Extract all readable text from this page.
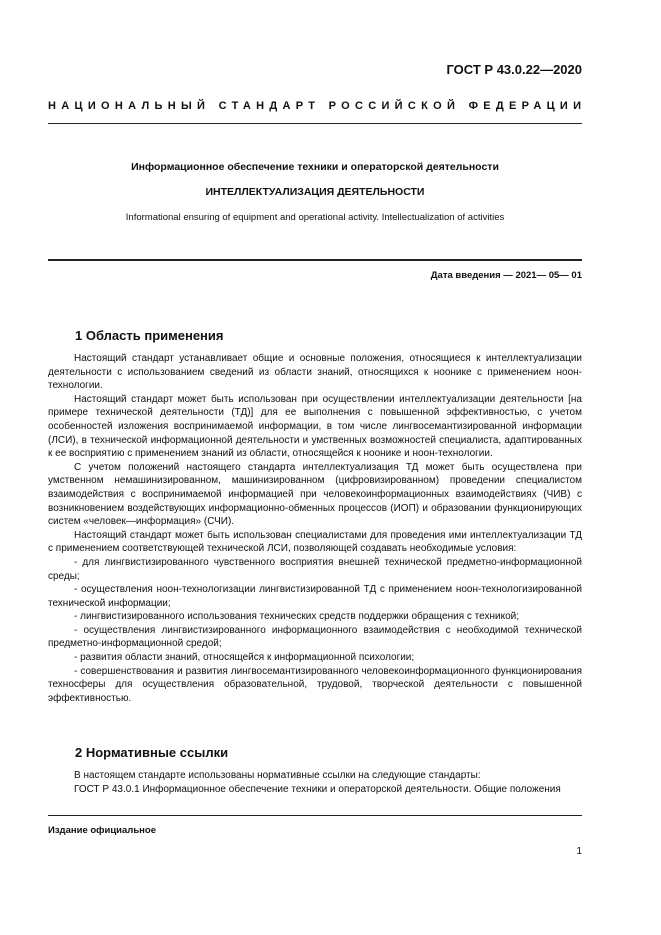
ГОСТ Р 43.0.22—2020
НАЦИОНАЛЬНЫЙ СТАНДАРТ РОССИЙСКОЙ ФЕДЕРАЦИИ
Информационное обеспечение техники и операторской деятельности
ИНТЕЛЛЕКТУАЛИЗАЦИЯ ДЕЯТЕЛЬНОСТИ
Informational ensuring of equipment and operational activity. Intellectualization of activities
Дата введения — 2021— 05— 01
1 Область применения

Настоящий стандарт устанавливает общие и основные положения, относящиеся к интеллектуализации деятельности с использованием сведений из области знаний, относящихся к ноонике с применением ноон-технологии.

Настоящий стандарт может быть использован при осуществлении интеллектуализации деятельности [на примере технической деятельности (ТД)] для ее выполнения с повышенной эффективностью, с учетом особенностей изложения воспринимаемой информации, в том числе лингвосемантизированной информации (ЛСИ), в технической информационной деятельности и умственных возможностей специалиста, адаптированных к ее восприятию с применением знаний из области, относящейся к ноонике и ноон-технологии.

С учетом положений настоящего стандарта интеллектуализация ТД может быть осуществлена при умственном немашинизированном, машинизированном (цифровизированном) проведении специалистом взаимодействия с воспринимаемой информацией при человекоинформационных взаимодействиях (ЧИВ) с возникновением воздействующих информационно-обменных процессов (ИОП) и образовании функционирующих систем «человек—информация» (СЧИ).

Настоящий стандарт может быть использован специалистами для проведения ими интеллектуализации ТД с применением соответствующей технической ЛСИ, позволяющей создавать необходимые условия:

- для лингвистизированного чувственного восприятия внешней технической предметно-информационной среды;

- осуществления ноон-технологизации лингвистизированной ТД с применением ноон-технологизированной технической информации;

- лингвистизированного использования технических средств поддержки обращения с техникой;

- осуществления лингвистизированного информационного взаимодействия с необходимой технической предметно-информационной средой;

- развития области знаний, относящейся к информационной психологии;

- совершенствования и развития лингвосемантизированного человекоинформационного функционирования техносферы для осуществления образовательной, трудовой, творческой деятельности с повышенной эффективностью.

2 Нормативные ссылки

В настоящем стандарте использованы нормативные ссылки на следующие стандарты:

ГОСТ Р 43.0.1 Информационное обеспечение техники и операторской деятельности. Общие положения

Издание официальное
1
